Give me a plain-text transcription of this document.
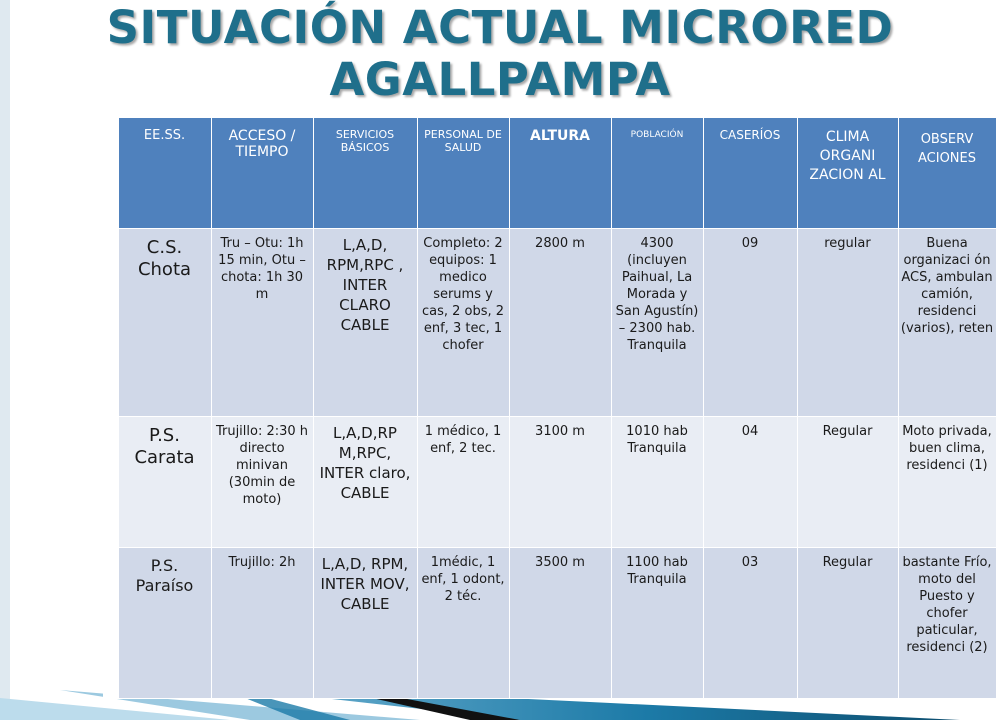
SITUACIÓN ACTUAL MICRORED AGALLPAMPA
	EE.SS.	ACCESO / TIEMPO	SERVICIOS BÁSICOS	PERSONAL DE SALUD	ALTURA	POBLACIÓN	CASERÍOS	CLIMA ORGANI ZACION AL	OBSERV ACIONES
	C.S. Chota	Tru – Otu: 1h 15 min, Otu – chota: 1h 30 m	L,A,D, RPM,RPC , INTER CLARO CABLE	Completo: 2 equipos: 1 medico serums y cas, 2 obs, 2 enf, 3 tec, 1 chofer	2800 m	4300 (incluyen Paihual, La Morada y San Agustín) – 2300 hab. Tranquila	09	regular	Buena organizaci ón ACS, ambulan camión, residenci (varios), reten
	P.S. Carata	Trujillo: 2:30 h directo minivan (30min de moto)	L,A,D,RP M,RPC, INTER claro, CABLE	1 médico, 1 enf, 2 tec.	3100 m	1010 hab Tranquila	04	Regular	Moto privada, buen clima, residenci (1)
	P.S. Paraíso	Trujillo: 2h	L,A,D, RPM, INTER MOV, CABLE	1médic, 1 enf, 1 odont, 2 téc.	3500 m	1100 hab Tranquila	03	Regular	bastante Frío, moto del Puesto y chofer paticular, residenci (2)
